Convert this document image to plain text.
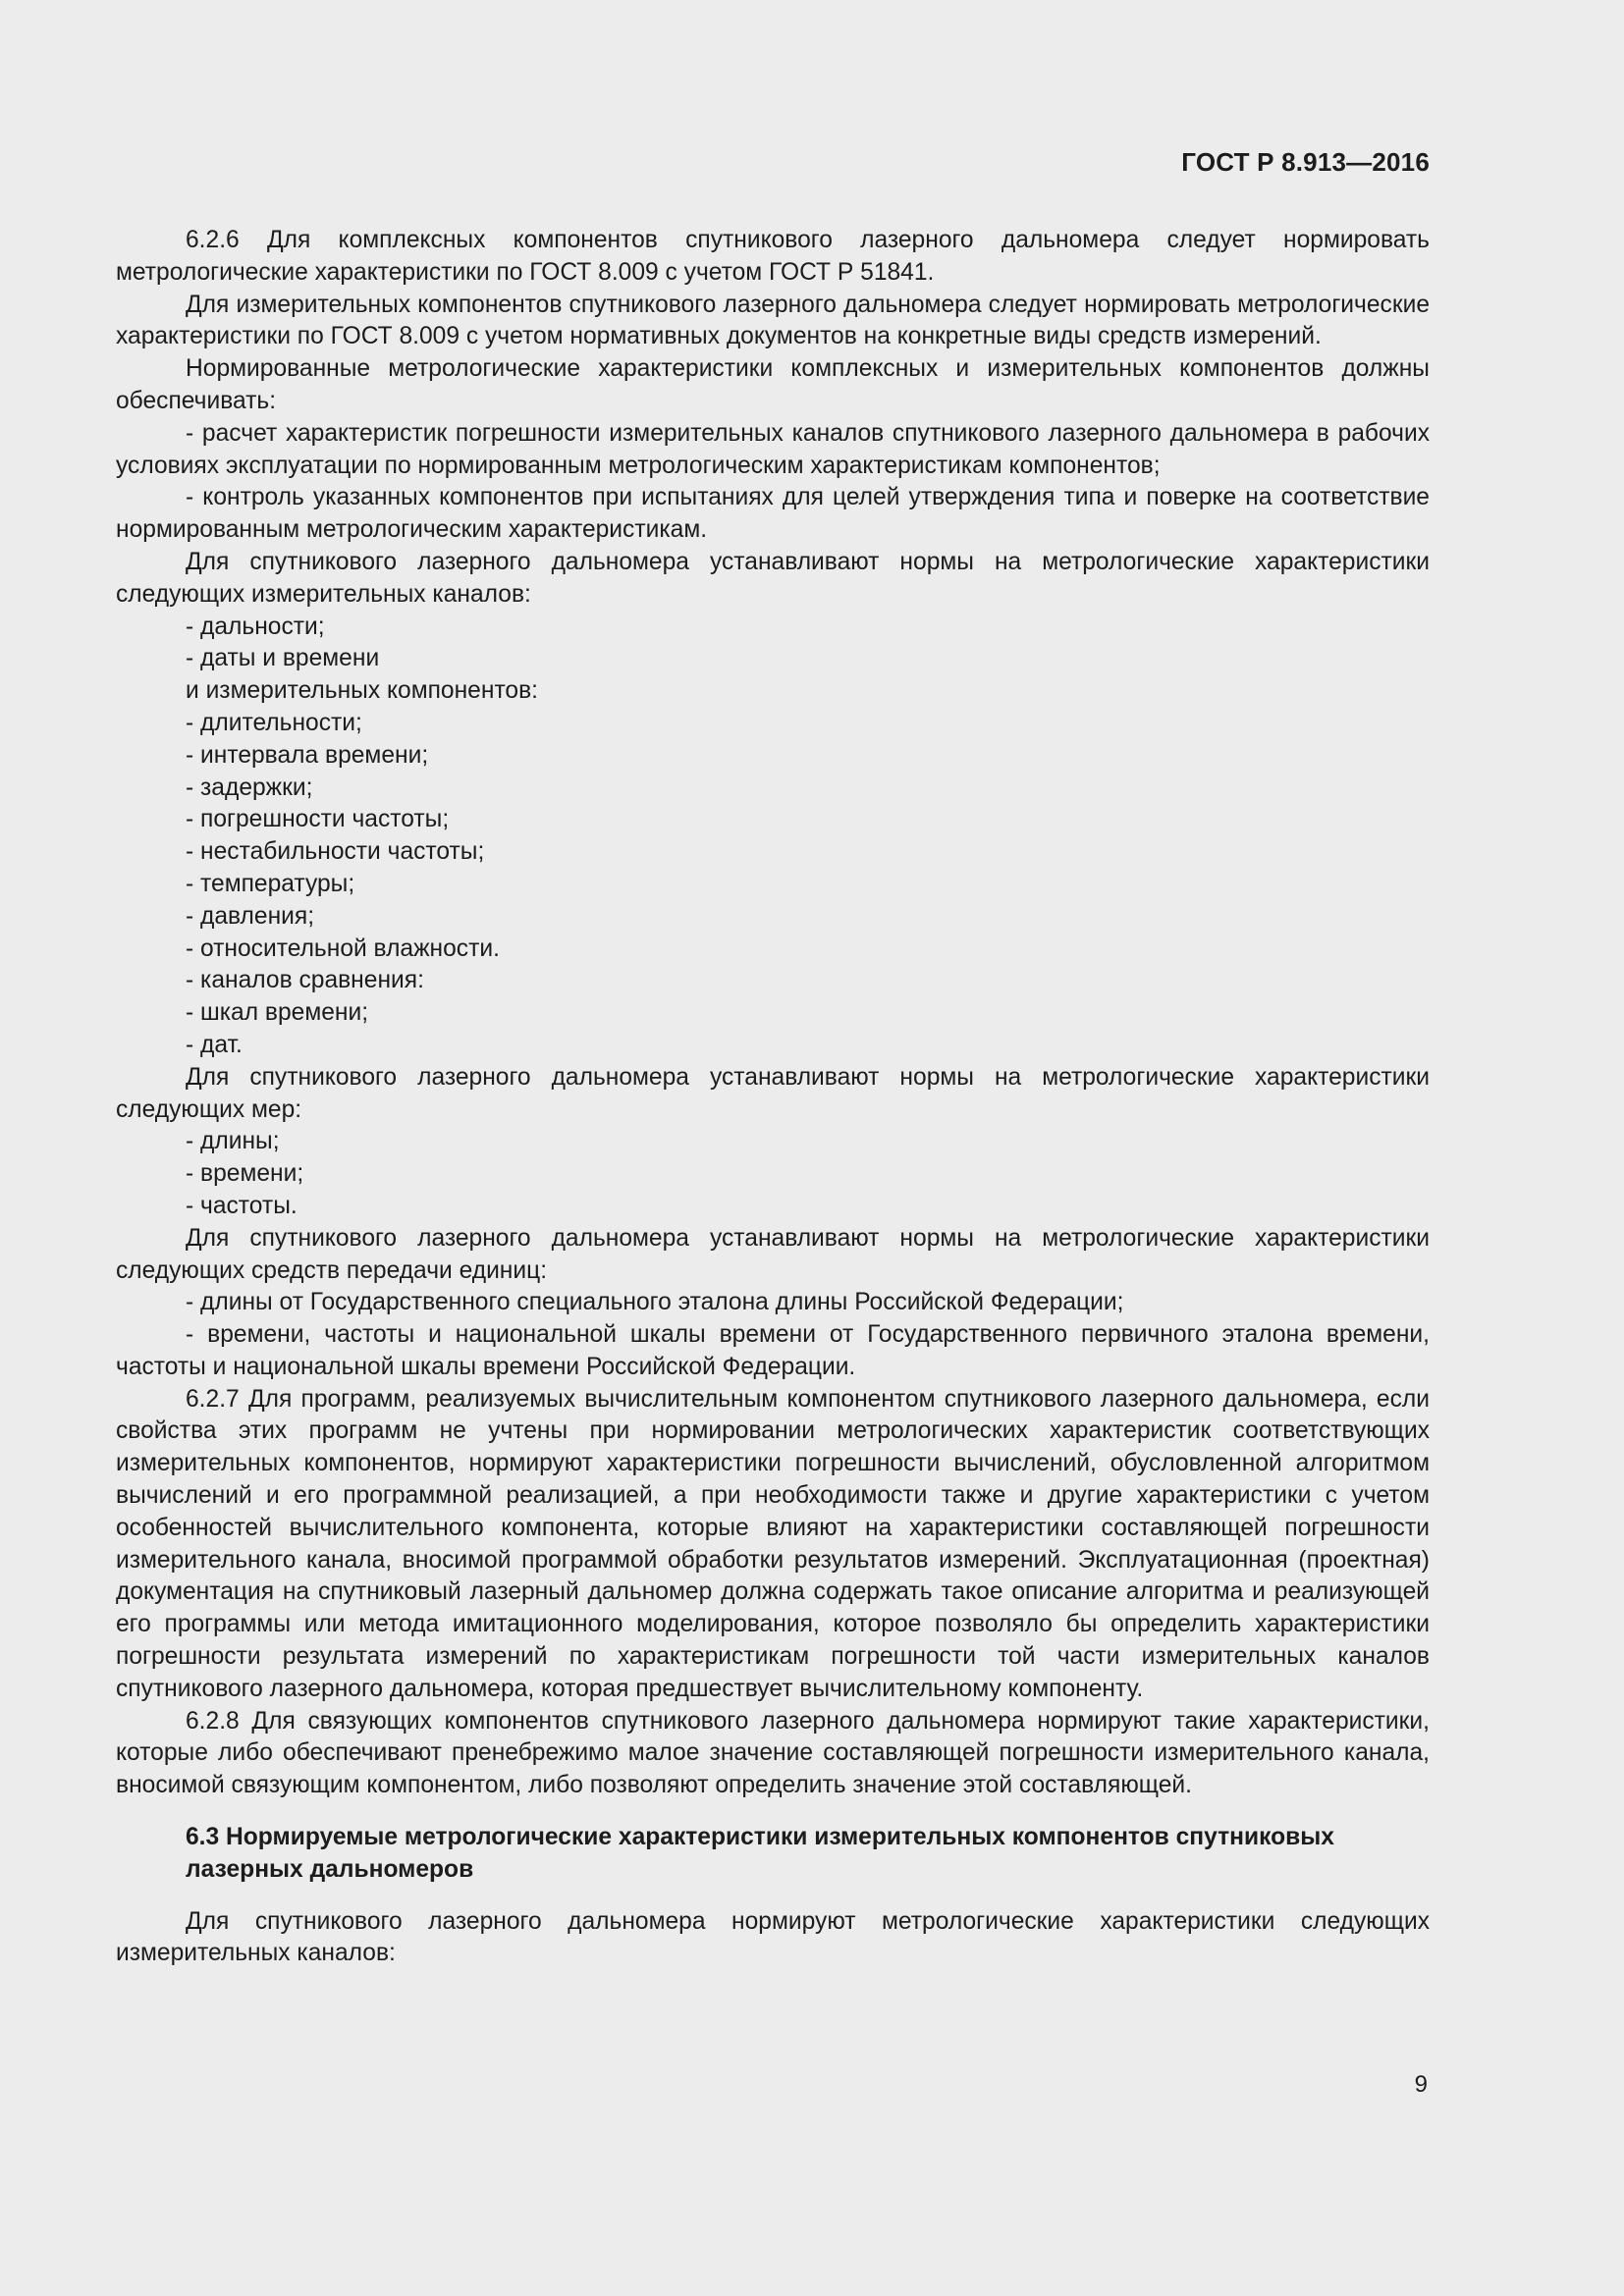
ГОСТ Р 8.913—2016

6.2.6 Для комплексных компонентов спутникового лазерного дальномера следует нормировать метрологические характеристики по ГОСТ 8.009 с учетом ГОСТ Р 51841.

Для измерительных компонентов спутникового лазерного дальномера следует нормировать метрологические характеристики по ГОСТ 8.009 с учетом нормативных документов на конкретные виды средств измерений.

Нормированные метрологические характеристики комплексных и измерительных компонентов должны обеспечивать:

- расчет характеристик погрешности измерительных каналов спутникового лазерного дальномера в рабочих условиях эксплуатации по нормированным метрологическим характеристикам компонентов;

- контроль указанных компонентов при испытаниях для целей утверждения типа и поверке на соответствие нормированным метрологическим характеристикам.

Для спутникового лазерного дальномера устанавливают нормы на метрологические характеристики следующих измерительных каналов:

- дальности;

- даты и времени

и измерительных компонентов:

- длительности;

- интервала времени;

- задержки;

- погрешности частоты;

- нестабильности частоты;

- температуры;

- давления;

- относительной влажности.

- каналов сравнения:

- шкал времени;

- дат.

Для спутникового лазерного дальномера устанавливают нормы на метрологические характеристики следующих мер:

- длины;

- времени;

- частоты.

Для спутникового лазерного дальномера устанавливают нормы на метрологические характеристики следующих средств передачи единиц:

- длины от Государственного специального эталона длины Российской Федерации;

- времени, частоты и национальной шкалы времени от Государственного первичного эталона времени, частоты и национальной шкалы времени Российской Федерации.

6.2.7 Для программ, реализуемых вычислительным компонентом спутникового лазерного дальномера, если свойства этих программ не учтены при нормировании метрологических характеристик соответствующих измерительных компонентов, нормируют характеристики погрешности вычислений, обусловленной алгоритмом вычислений и его программной реализацией, а при необходимости также и другие характеристики с учетом особенностей вычислительного компонента, которые влияют на характеристики составляющей погрешности измерительного канала, вносимой программой обработки результатов измерений. Эксплуатационная (проектная) документация на спутниковый лазерный дальномер должна содержать такое описание алгоритма и реализующей его программы или метода имитационного моделирования, которое позволяло бы определить характеристики погрешности результата измерений по характеристикам погрешности той части измерительных каналов спутникового лазерного дальномера, которая предшествует вычислительному компоненту.

6.2.8 Для связующих компонентов спутникового лазерного дальномера нормируют такие характеристики, которые либо обеспечивают пренебрежимо малое значение составляющей погрешности измерительного канала, вносимой связующим компонентом, либо позволяют определить значение этой составляющей.

6.3 Нормируемые метрологические характеристики измерительных компонентов спутниковых лазерных дальномеров

Для спутникового лазерного дальномера нормируют метрологические характеристики следующих измерительных каналов:

9
